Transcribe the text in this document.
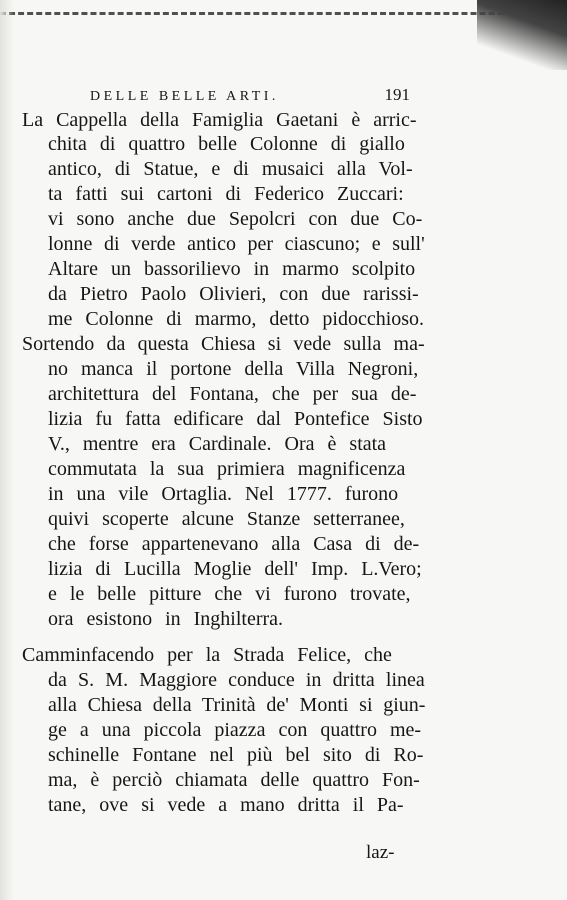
DELLE BELLE ARTI.	191
La Cappella della Famiglia Gaetani è arric-
chita di quattro belle Colonne di giallo
antico, di Statue, e di musaici alla Vol-
ta fatti sui cartoni di Federico Zuccari:
vi sono anche due Sepolcri con due Co-
lonne di verde antico per ciascuno; e sull'
Altare un bassorilievo in marmo scolpito
da Pietro Paolo Olivieri, con due rarissi-
me Colonne di marmo, detto pidocchioso.
Sortendo da questa Chiesa si vede sulla ma-
no manca il portone della Villa Negroni,
architettura del Fontana, che per sua de-
lizia fu fatta edificare dal Pontefice Sisto
V., mentre era Cardinale. Ora è stata
commutata la sua primiera magnificenza
in una vile Ortaglia. Nel 1777. furono
quivi scoperte alcune Stanze setterranee,
che forse appartenevano alla Casa di de-
lizia di Lucilla Moglie dell' Imp. L.Vero;
e le belle pitture che vi furono trovate,
ora esistono in Inghilterra.
Camminfacendo per la Strada Felice, che
da S. M. Maggiore conduce in dritta linea
alla Chiesa della Trinità de' Monti si giun-
ge a una piccola piazza con quattro me-
schinelle Fontane nel più bel sito di Ro-
ma, è perciò chiamata delle quattro Fon-
tane, ove si vede a mano dritta il Pa-
laz-
